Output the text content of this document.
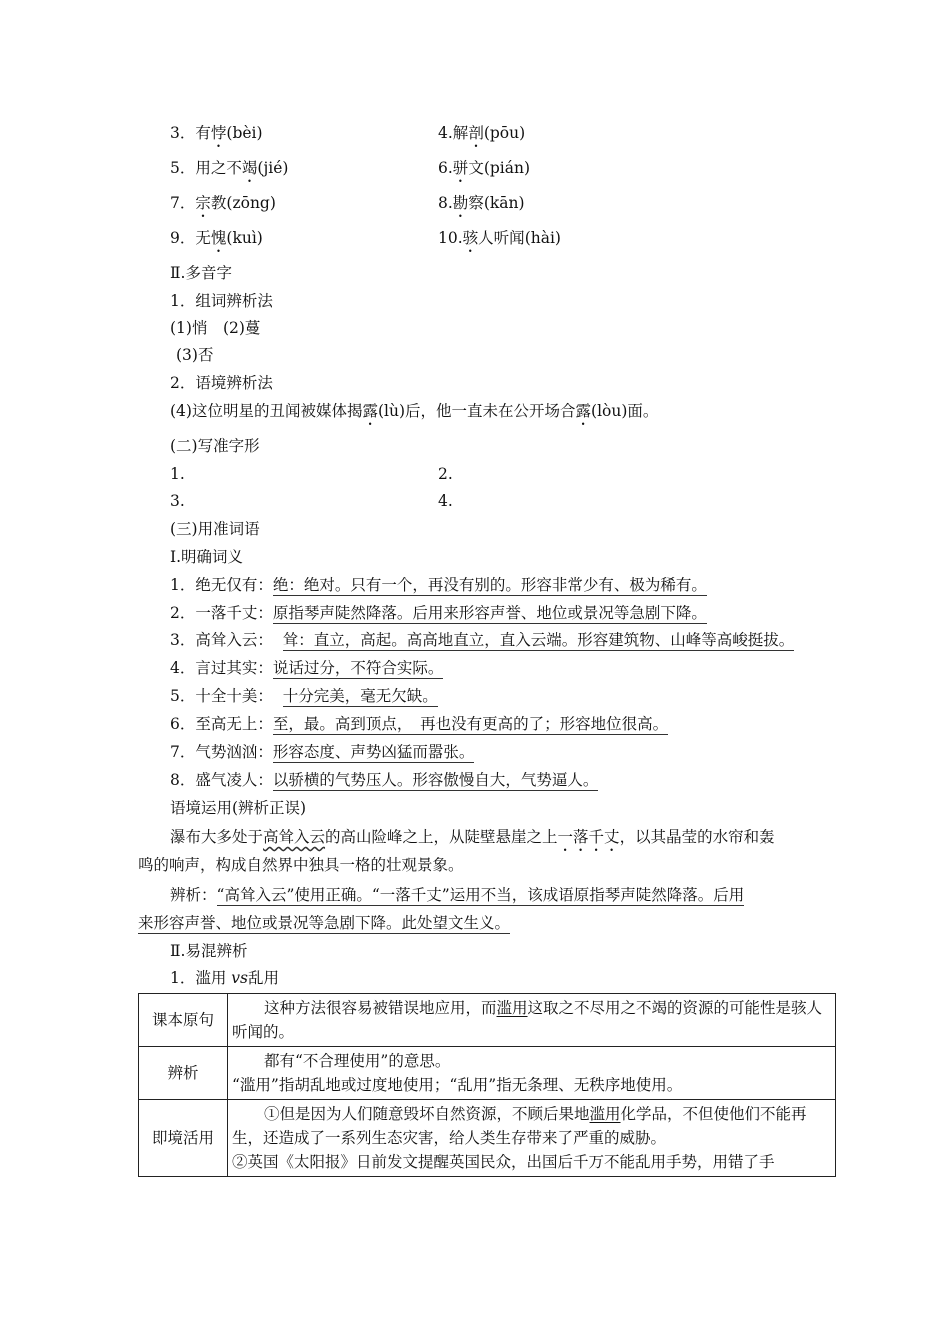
3．有悖(bèi)	4.解剖(pōu)
5．用之不竭(jié)	6.骈文(pián)
7．宗教(zōng)	8.勘察(kān)
9．无愧(kuì)	10.骇人听闻(hài)
Ⅱ.多音字
1．组词辨析法
(1)悄　(2)蔓
(3)否
2．语境辨析法
(4)这位明星的丑闻被媒体揭露(lù)后，他一直未在公开场合露(lòu)面。
(二)写准字形
1.	2.
3.	4.
(三)用准词语
Ⅰ.明确词义
1．绝无仅有：绝：绝对。只有一个，再没有别的。形容非常少有、极为稀有。
2．一落千丈：原指琴声陡然降落。后用来形容声誉、地位或景况等急剧下降。
3．高耸入云： 耸：直立，高起。高高地直立，直入云端。形容建筑物、山峰等高峻挺拔。
4．言过其实：说话过分，不符合实际。
5．十全十美： 十分完美，毫无欠缺。
6．至高无上：至，最。高到顶点，　再也没有更高的了；形容地位很高。
7．气势汹汹：形容态度、声势凶猛而嚣张。
8．盛气凌人：以骄横的气势压人。形容傲慢自大，气势逼人。
语境运用(辨析正误)
瀑布大多处于高耸入云的高山险峰之上，从陡壁悬崖之上一落千丈，以其晶莹的水帘和轰
鸣的响声，构成自然界中独具一格的壮观景象。
辨析：“高耸入云”使用正确。“一落千丈”运用不当，该成语原指琴声陡然降落。后用
来形容声誉、地位或景况等急剧下降。此处望文生义。
Ⅱ.易混辨析
1．滥用 vs乱用
课本原句	这种方法很容易被错误地应用，而滥用这取之不尽用之不竭的资源的可能性是骇人听闻的。
辨析	都有“不合理使用”的意思。
“滥用”指胡乱地或过度地使用；“乱用”指无条理、无秩序地使用。

即境活用	①但是因为人们随意毁坏自然资源，不顾后果地滥用化学品，不但使他们不能再生，还造成了一系列生态灾害，给人类生存带来了严重的威胁。
②英国《太阳报》日前发文提醒英国民众，出国后千万不能乱用手势，用错了手
